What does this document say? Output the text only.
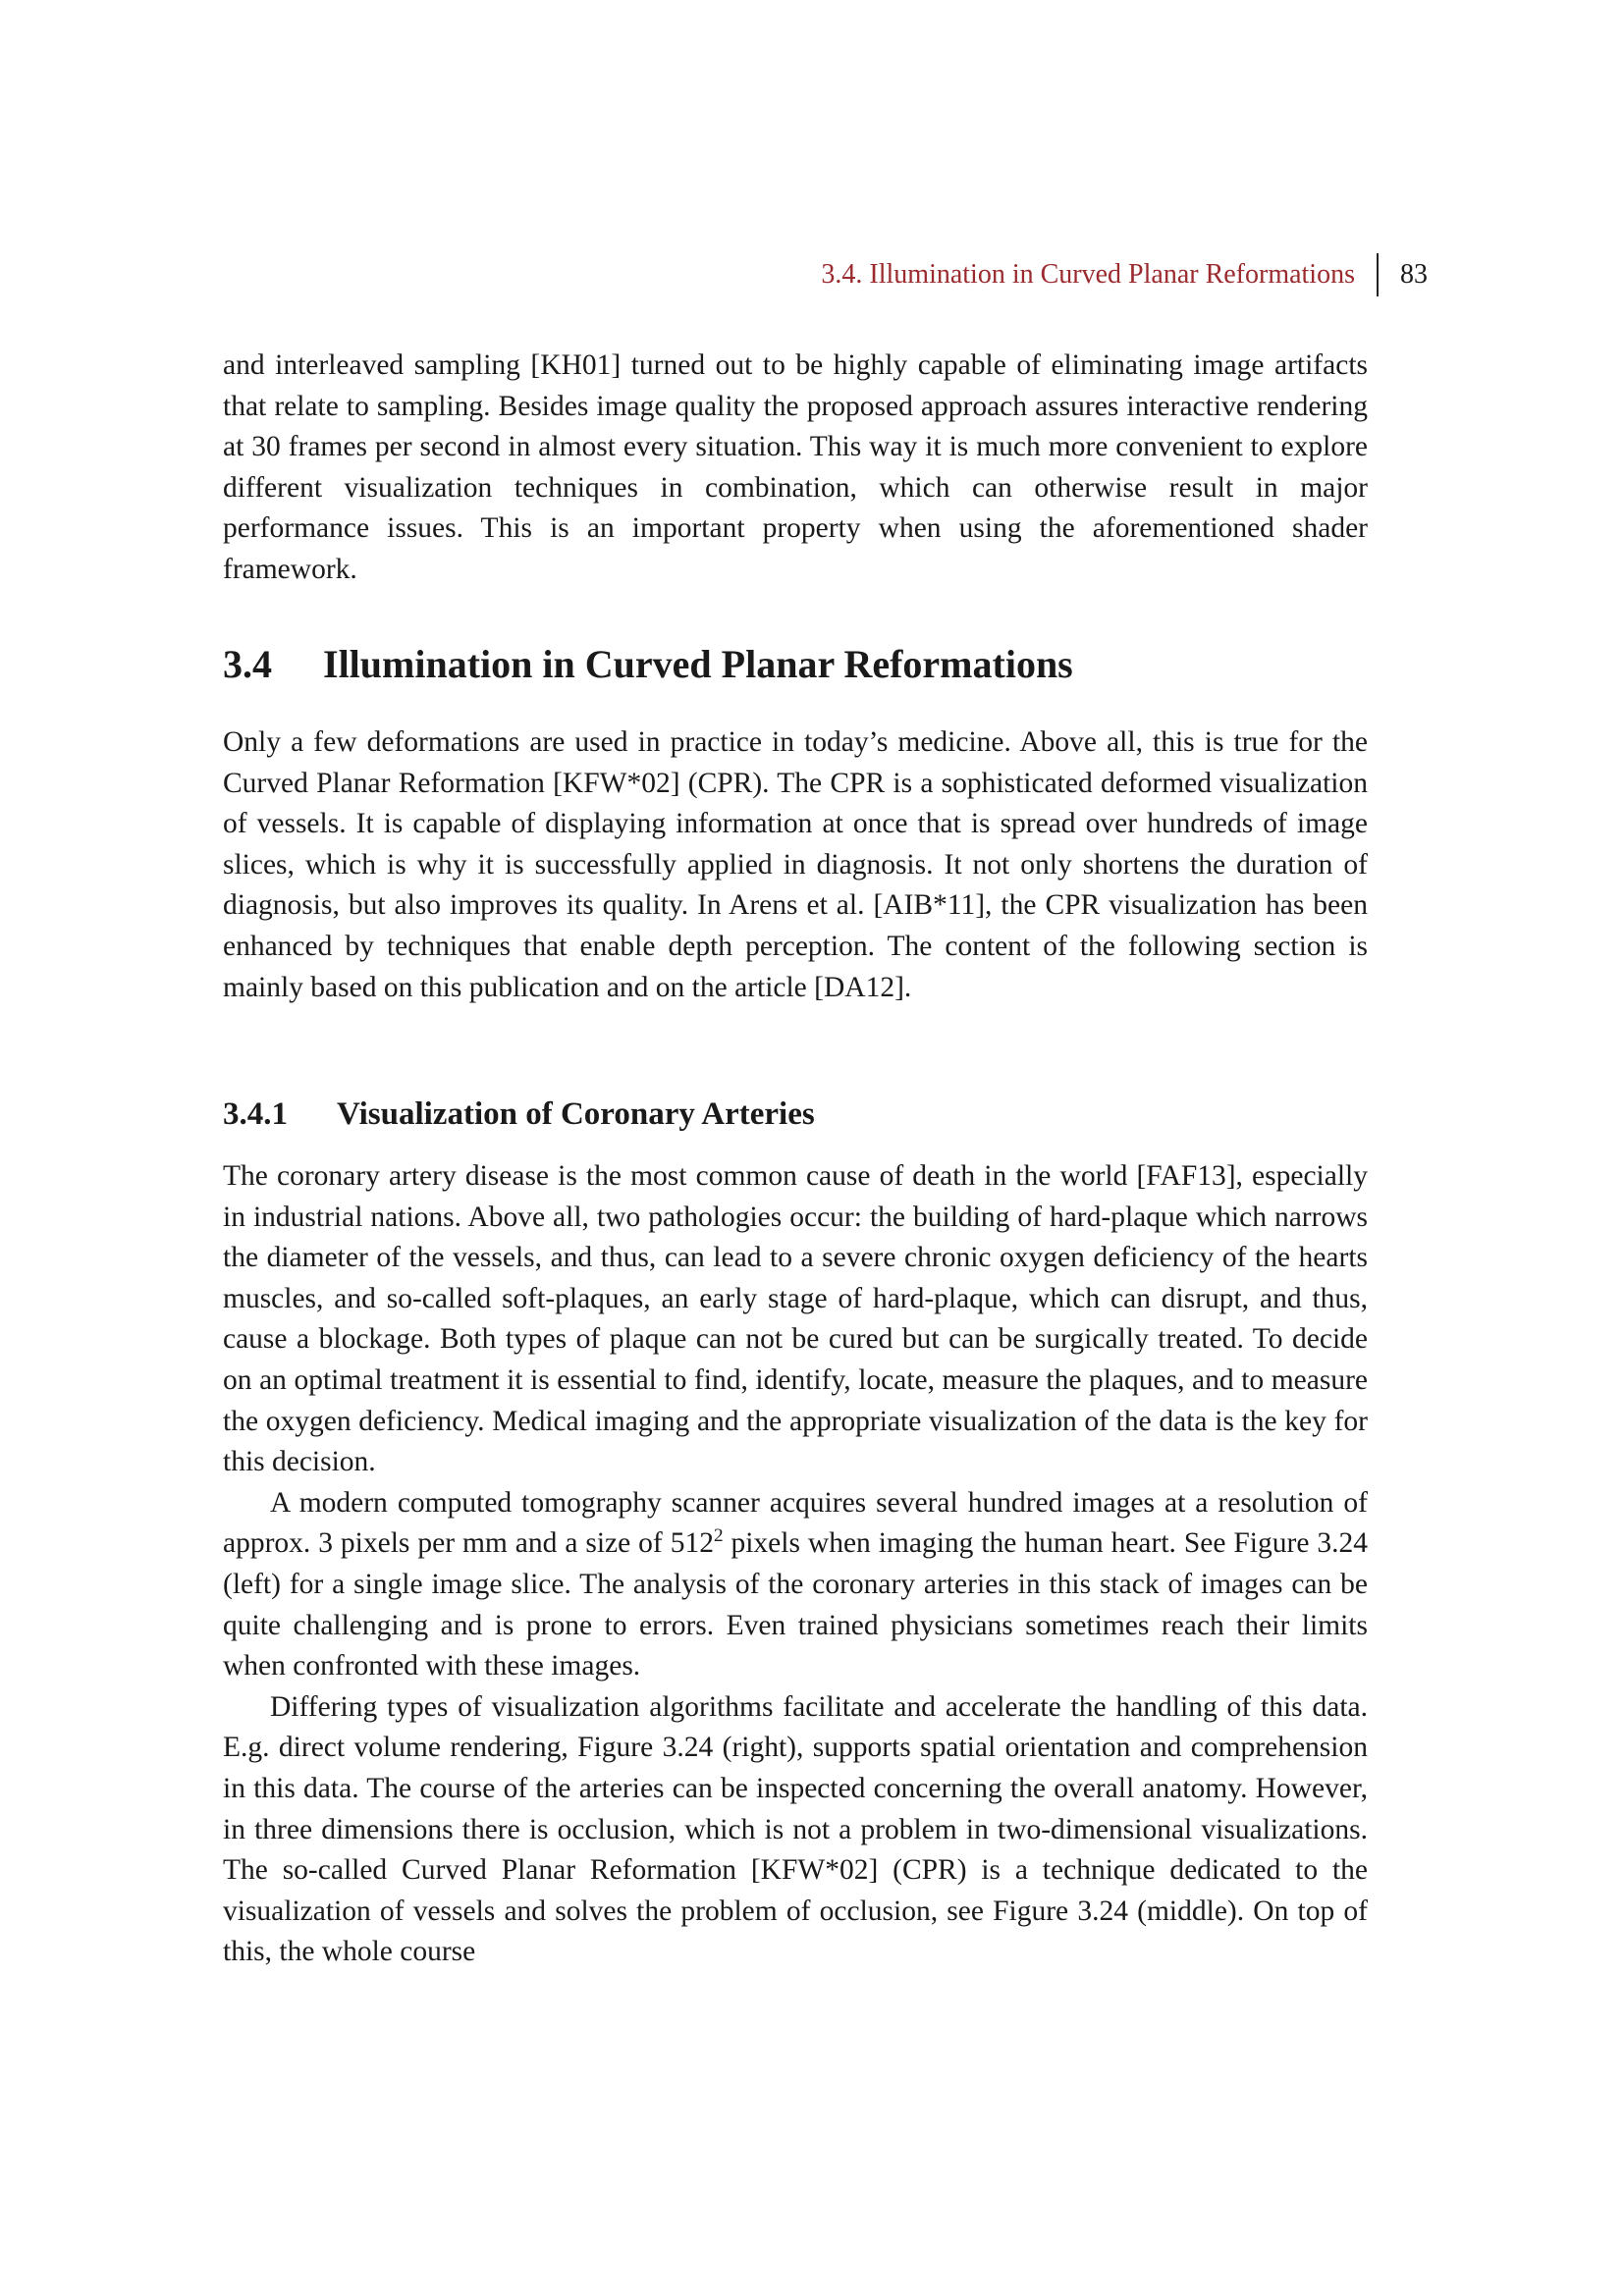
3.4. Illumination in Curved Planar Reformations	83

and interleaved sampling [KH01] turned out to be highly capable of eliminating image artifacts that relate to sampling. Besides image quality the proposed approach assures interactive rendering at 30 frames per second in almost every situation. This way it is much more convenient to explore different visualization techniques in combination, which can otherwise result in major performance issues. This is an important property when using the aforementioned shader framework.

3.4	Illumination in Curved Planar Reformations

Only a few deformations are used in practice in today’s medicine. Above all, this is true for the Curved Planar Reformation [KFW*02] (CPR). The CPR is a sophisticated deformed visualization of vessels. It is capable of displaying information at once that is spread over hundreds of image slices, which is why it is successfully applied in diagnosis. It not only shortens the duration of diagnosis, but also improves its quality. In Arens et al. [AIB*11], the CPR visualization has been enhanced by techniques that enable depth perception. The content of the following section is mainly based on this publication and on the article [DA12].

3.4.1	Visualization of Coronary Arteries

The coronary artery disease is the most common cause of death in the world [FAF13], especially in industrial nations. Above all, two pathologies occur: the building of hard-plaque which narrows the diameter of the vessels, and thus, can lead to a severe chronic oxygen deficiency of the hearts muscles, and so-called soft-plaques, an early stage of hard-plaque, which can disrupt, and thus, cause a blockage. Both types of plaque can not be cured but can be surgically treated. To decide on an optimal treatment it is essential to find, identify, locate, measure the plaques, and to measure the oxygen deficiency. Medical imaging and the appropriate visualization of the data is the key for this decision.

A modern computed tomography scanner acquires several hundred images at a resolution of approx. 3 pixels per mm and a size of $512^2$ pixels when imaging the human heart. See Figure 3.24 (left) for a single image slice. The analysis of the coronary arteries in this stack of images can be quite challenging and is prone to errors. Even trained physicians sometimes reach their limits when confronted with these images.

Differing types of visualization algorithms facilitate and accelerate the handling of this data. E.g. direct volume rendering, Figure 3.24 (right), supports spatial orientation and comprehension in this data. The course of the arteries can be inspected concerning the overall anatomy. However, in three dimensions there is occlusion, which is not a problem in two-dimensional visualizations. The so-called Curved Planar Reformation [KFW*02] (CPR) is a technique dedicated to the visualization of vessels and solves the problem of occlusion, see Figure 3.24 (middle). On top of this, the whole course
